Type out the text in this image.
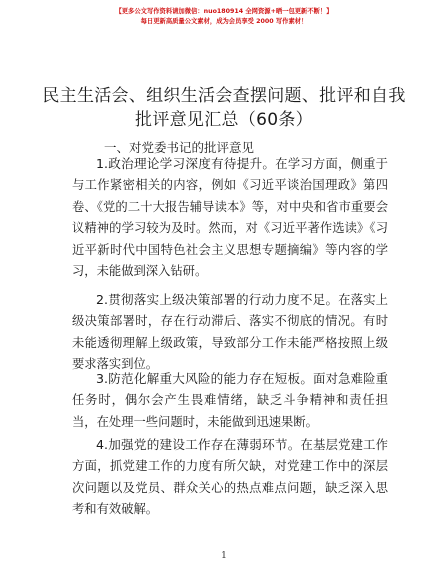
【更多公文写作资料请加微信：nuo180914 全网资源+晒一包更新不断！】
每日更新高质量公文素材，成为会员享受 2000 写作素材！
民主生活会、组织生活会查摆问题、批评和自我批评意见汇总（60条）
一、对党委书记的批评意见

1.政治理论学习深度有待提升。在学习方面，侧重于与工作紧密相关的内容，例如《习近平谈治国理政》第四卷、《党的二十大报告辅导读本》等，对中央和省市重要会议精神的学习较为及时。然而，对《习近平著作选读》《习近平新时代中国特色社会主义思想专题摘编》等内容的学习，未能做到深入钻研。

2.贯彻落实上级决策部署的行动力度不足。在落实上级决策部署时，存在行动滞后、落实不彻底的情况。有时未能透彻理解上级政策，导致部分工作未能严格按照上级要求落实到位。

3.防范化解重大风险的能力存在短板。面对急难险重任务时，偶尔会产生畏难情绪，缺乏斗争精神和责任担当，在处理一些问题时，未能做到迅速果断。

4.加强党的建设工作存在薄弱环节。在基层党建工作方面，抓党建工作的力度有所欠缺，对党建工作中的深层次问题以及党员、群众关心的热点难点问题，缺乏深入思考和有效破解。

1
